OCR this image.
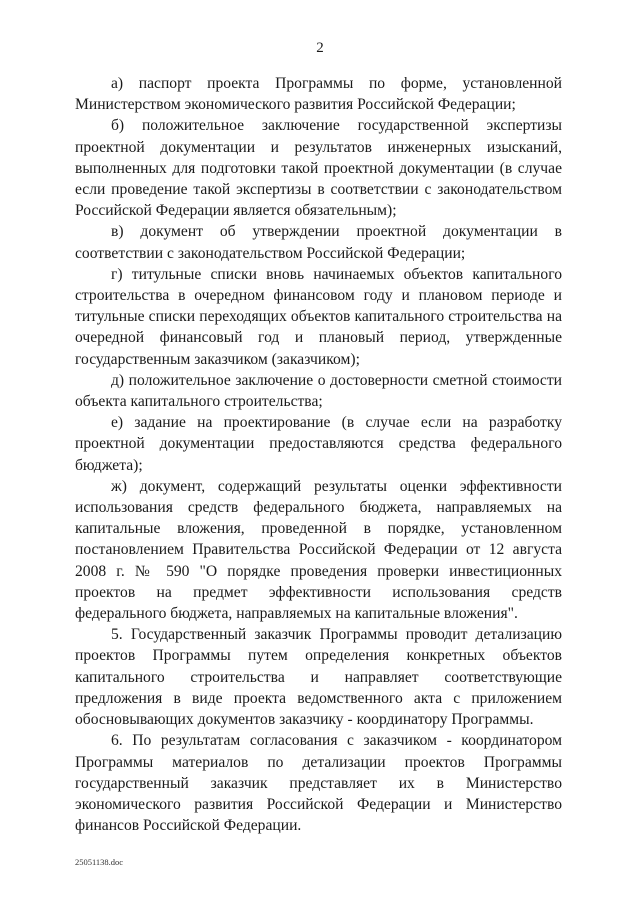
2

а) паспорт проекта Программы по форме, установленной Министерством экономического развития Российской Федерации;

б) положительное заключение государственной экспертизы проектной документации и результатов инженерных изысканий, выполненных для подготовки такой проектной документации (в случае если проведение такой экспертизы в соответствии с законодательством Российской Федерации является обязательным);

в) документ об утверждении проектной документации в соответствии с законодательством Российской Федерации;

г) титульные списки вновь начинаемых объектов капитального строительства в очередном финансовом году и плановом периоде и титульные списки переходящих объектов капитального строительства на очередной финансовый год и плановый период, утвержденные государственным заказчиком (заказчиком);

д) положительное заключение о достоверности сметной стоимости объекта капитального строительства;

е) задание на проектирование (в случае если на разработку проектной документации предоставляются средства федерального бюджета);

ж) документ, содержащий результаты оценки эффективности использования средств федерального бюджета, направляемых на капитальные вложения, проведенной в порядке, установленном постановлением Правительства Российской Федерации от 12 августа 2008 г. № 590 "О порядке проведения проверки инвестиционных проектов на предмет эффективности использования средств федерального бюджета, направляемых на капитальные вложения".

5. Государственный заказчик Программы проводит детализацию проектов Программы путем определения конкретных объектов капитального строительства и направляет соответствующие предложения в виде проекта ведомственного акта с приложением обосновывающих документов заказчику - координатору Программы.

6. По результатам согласования с заказчиком - координатором Программы материалов по детализации проектов Программы государственный заказчик представляет их в Министерство экономического развития Российской Федерации и Министерство финансов Российской Федерации.

25051138.doc
